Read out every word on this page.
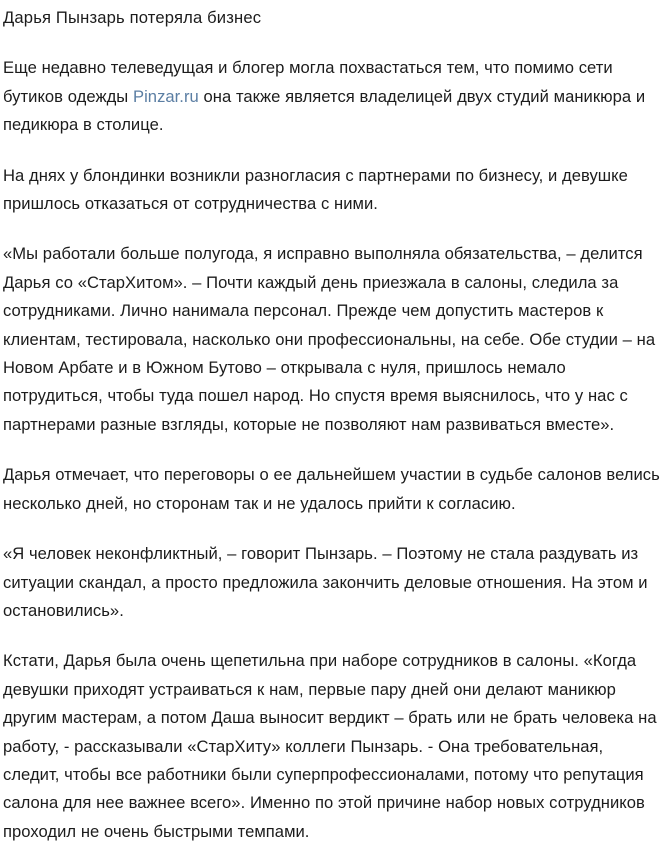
Дарья Пынзарь потеряла бизнес

Еще недавно телеведущая и блогер могла похвастаться тем, что помимо сети бутиков одежды Pinzar.ru она также является владелицей двух студий маникюра и педикюра в столице.

На днях у блондинки возникли разногласия с партнерами по бизнесу, и девушке пришлось отказаться от сотрудничества с ними.

«Мы работали больше полугода, я исправно выполняла обязательства, – делится Дарья со «СтарХитом». – Почти каждый день приезжала в салоны, следила за сотрудниками. Лично нанимала персонал. Прежде чем допустить мастеров к клиентам, тестировала, насколько они профессиональны, на себе. Обе студии – на Новом Арбате и в Южном Бутово – открывала с нуля, пришлось немало потрудиться, чтобы туда пошел народ. Но спустя время выяснилось, что у нас с партнерами разные взгляды, которые не позволяют нам развиваться вместе».

Дарья отмечает, что переговоры о ее дальнейшем участии в судьбе салонов велись несколько дней, но сторонам так и не удалось прийти к согласию.

«Я человек неконфликтный, – говорит Пынзарь. – Поэтому не стала раздувать из ситуации скандал, а просто предложила закончить деловые отношения. На этом и остановились».

Кстати, Дарья была очень щепетильна при наборе сотрудников в салоны. «Когда девушки приходят устраиваться к нам, первые пару дней они делают маникюр другим мастерам, а потом Даша выносит вердикт – брать или не брать человека на работу, - рассказывали «СтарХиту» коллеги Пынзарь. - Она требовательная, следит, чтобы все работники были суперпрофессионалами, потому что репутация салона для нее важнее всего». Именно по этой причине набор новых сотрудников проходил не очень быстрыми темпами.
